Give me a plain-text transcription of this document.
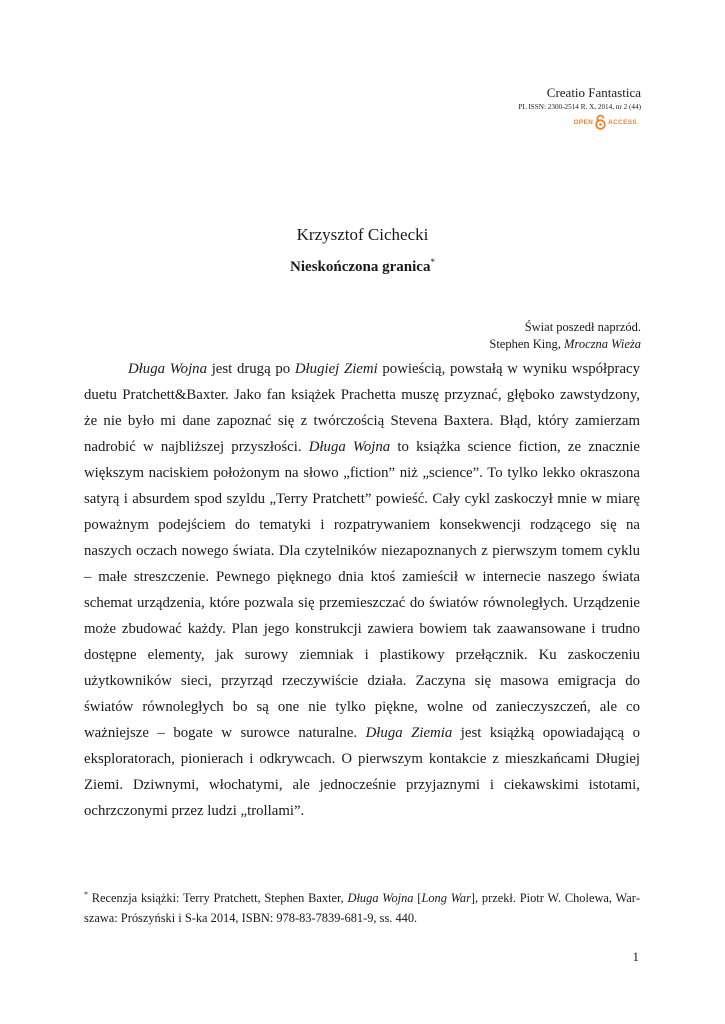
Creatio Fantastica
PL ISSN: 2300-2514 R. X, 2014, nr 2 (44)
OPEN ACCESS
Krzysztof Cichecki
Nieskończona granica*
Świat poszedł naprzód.
Stephen King, Mroczna Wieża

Długa Wojna jest drugą po Długiej Ziemi powieścią, powstałą w wyniku współpracy duetu Pratchett&Baxter. Jako fan książek Prachetta muszę przyznać, głęboko zawstydzony, że nie było mi dane zapoznać się z twórczością Stevena Baxtera. Błąd, który zamierzam nadrobić w najbliższej przyszłości. Długa Wojna to książka science fiction, ze znacznie większym naciskiem położonym na słowo „fiction” niż „science”. To tylko lekko okraszona satyrą i absurdem spod szyldu „Terry Pratchett” powieść. Cały cykl zaskoczył mnie w miarę poważnym podejściem do tematyki i rozpatrywaniem konsekwencji rodzącego się na naszych oczach nowego świata. Dla czytelników niezapoznanych z pierwszym tomem cyklu – małe streszczenie. Pewnego pięknego dnia ktoś zamieścił w internecie naszego świata schemat urządzenia, które pozwala się przemieszczać do światów równoległych. Urządzenie może zbudować każdy. Plan jego konstrukcji zawiera bowiem tak zaawansowane i trudno dostępne elementy, jak surowy ziemniak i plastikowy przełącznik. Ku zaskoczeniu użytkowników sieci, przyrząd rzeczywiście działa. Zaczyna się masowa emigracja do światów równoległych bo są one nie tylko piękne, wolne od zanieczyszczeń, ale co ważniejsze – bogate w surowce naturalne. Długa Ziemia jest książką opowiadającą o eksploratorach, pionierach i odkrywcach. O pierwszym kontakcie z mieszkańcami Długiej Ziemi. Dziwnymi, włochatymi, ale jednocześnie przyjaznymi i ciekawskimi istotami, ochrzczonymi przez ludzi „trollami”.

* Recenzja książki: Terry Pratchett, Stephen Baxter, Długa Wojna [Long War], przekł. Piotr W. Cholewa, Warszawa: Prószyński i S-ka 2014, ISBN: 978-83-7839-681-9, ss. 440.
1
